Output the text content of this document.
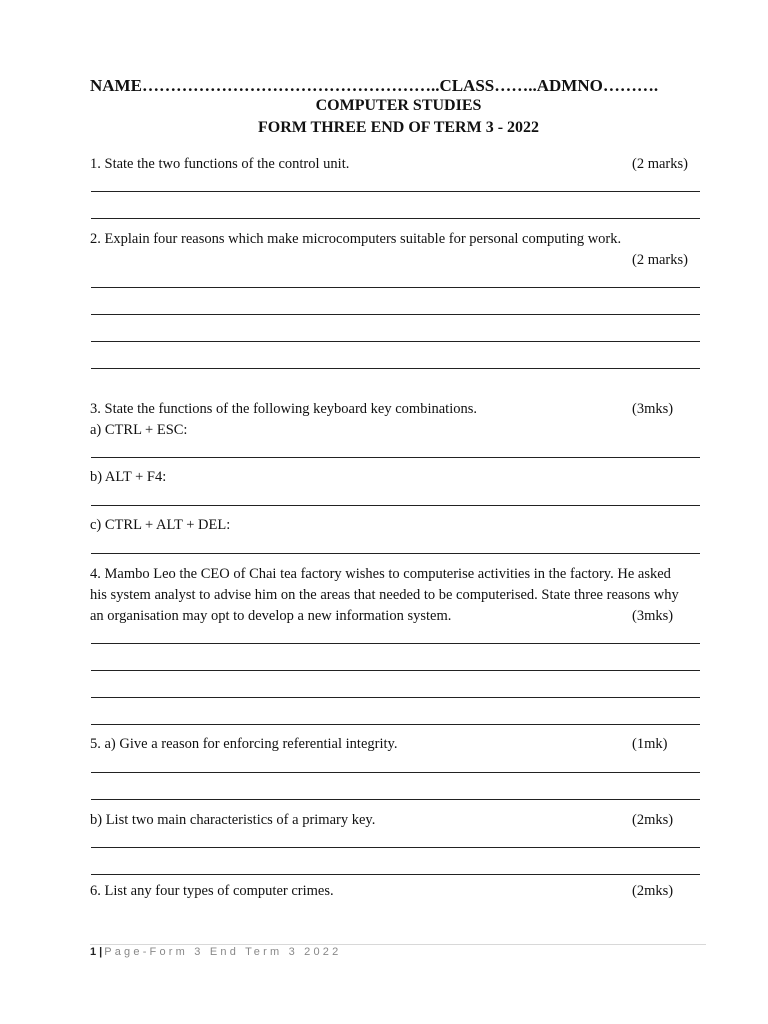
NAME……………………………………………..CLASS……..ADMNO……….
COMPUTER STUDIES
FORM THREE END OF TERM 3 - 2022
1. State the two functions of the control unit.	(2 marks)
2. Explain four reasons which make microcomputers suitable for personal computing work.
(2 marks)
3. State the functions of the following keyboard key combinations.	(3mks)
a) CTRL + ESC:
b) ALT + F4:
c) CTRL + ALT + DEL:
4. Mambo Leo the CEO of Chai tea factory wishes to computerise activities in the factory. He asked
his system analyst to advise him on the areas that needed to be computerised. State three reasons why
an organisation may opt to develop a new information system.	(3mks)
5. a) Give a reason for enforcing referential integrity.	(1mk)
b) List two main characteristics of a primary key.	(2mks)
6. List any four types of computer crimes.	(2mks)
1 | Page-Form 3 End Term 3 2022
